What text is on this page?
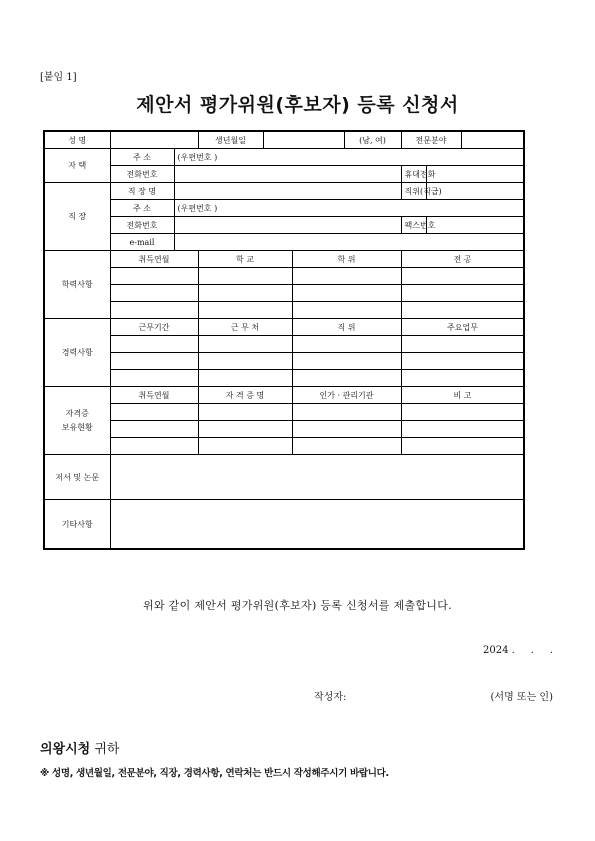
[붙임 1]
제안서 평가위원(후보자) 등록 신청서
성 명			생년월일			(남, 여)	전문분야		
자 택	주 소	(우편번호 )							
	전화번호						휴대전화		
직 장	직 장 명						직위(직급)		
	주 소	(우편번호 )							
	전화번호						팩스번호		
	e-mail								
학력사항	취득연월		학 교		학 위		전 공		

경력사항	근무기간		근 무 처		직 위		주요업무		

자격증
보유현황	취득연월		자 격 증 명		인가 · 관리기관		비 고		

저서 및 논문									
기타사항									
위와 같이 제안서 평가위원(후보자) 등록 신청서를 제출합니다.
2024 .     .     .
작성자:	(서명 또는 인)
의왕시청 귀하
※ 성명, 생년월일, 전문분야, 직장, 경력사항, 연락처는 반드시 작성해주시기 바랍니다.
